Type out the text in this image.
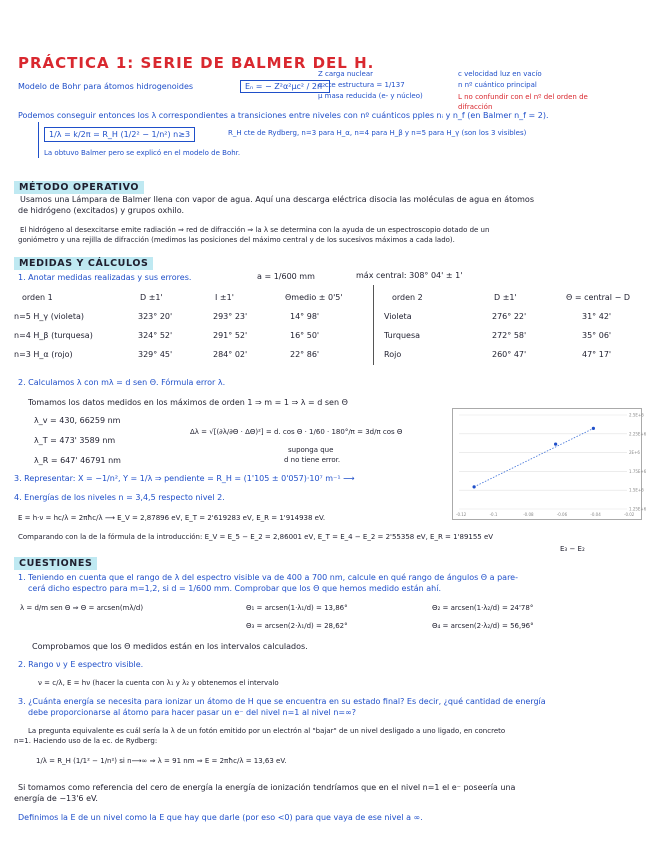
PRÁCTICA 1: SERIE DE BALMER DEL H.
Modelo de Bohr para átomos hidrogenoides	Eₙ = − Z²α²μc² / 2n²
Z carga nuclear
α cte estructura = 1/137
μ masa reducida (e- y núcleo)
c velocidad luz en vacío
n nº cuántico principal
L no confundir con el nº del orden de difracción
Podemos conseguir entonces los λ correspondientes a transiciones entre niveles con nº cuánticos pples nᵢ y n_f (en Balmer n_f = 2).
1/λ = k/2π = R_H (1/2² − 1/n²) n≥3	R_H cte de Rydberg, n=3 para H_α, n=4 para H_β y n=5 para H_γ (son los 3 visibles)
La obtuvo Balmer pero se explicó en el modelo de Bohr.
MÉTODO OPERATIVO
Usamos una Lámpara de Balmer llena con vapor de agua. Aquí una descarga eléctrica disocia las moléculas de agua en átomos
de hidrógeno (excitados) y grupos oxhilo.
El hidrógeno al desexcitarse emite radiación ⇒ red de difracción ⇒ la λ se determina con la ayuda de un espectroscopio dotado de un
goniómetro y una rejilla de difracción (medimos las posiciones del máximo central y de los sucesivos máximos a cada lado).
MEDIDAS Y CÁLCULOS
1. Anotar medidas realizadas y sus errores.	a = 1/600 mm	máx central: 308° 04' ± 1'
orden 1	D ±1'	I ±1'	Θmedio ± 0'5'
n=5 H_γ (violeta)	323° 20'	293° 23'	14° 98'
n=4 H_β (turquesa)	324° 52'	291° 52'	16° 50'
n=3 H_α (rojo)	329° 45'	284° 02'	22° 86'
orden 2	D ±1'	Θ = central − D
Violeta	276° 22'	31° 42'
Turquesa	272° 58'	35° 06'
Rojo	260° 47'	47° 17'
2. Calculamos λ con mλ = d sen Θ. Fórmula error λ.
Tomamos los datos medidos en los máximos de orden 1 ⇒ m = 1 ⇒ λ = d sen Θ
λ_v = 430, 66259 nm
λ_T = 473' 3589 nm
λ_R = 647' 46791 nm
Δλ = √[(∂λ/∂Θ · ΔΘ)²] = d. cos Θ · 1/60 · 180°/π = 3d/π cos Θ
suponga que
d no tiene error.
2.5E+6
2.25E+6
2E+6
1.75E+6
1.5E+6
1.25E+6
-0.12	-0.1	-0.08	-0.06	-0.04	-0.02
3. Representar: X = −1/n², Y = 1/λ ⇒ pendiente = R_H = (1'105 ± 0'057)·10⁷ m⁻¹ ⟶
4. Energías de los niveles n = 3,4,5 respecto nivel 2.
E = h·ν = hc/λ = 2πħc/λ ⟶ E_V = 2,87896 eV, E_T = 2'619283 eV, E_R = 1'914938 eV.
Comparando con la de la fórmula de la introducción: E_V = E_5 − E_2 = 2,86001 eV, E_T = E_4 − E_2 = 2'55358 eV, E_R = 1'89155 eV
E₃ − E₂
CUESTIONES
1. Teniendo en cuenta que el rango de λ del espectro visible va de 400 a 700 nm, calcule en qué rango de ángulos Θ a pare-
cerá dicho espectro para m=1,2, si d = 1/600 mm. Comprobar que los Θ que hemos medido están ahí.
λ = d/m sen Θ ⇒ Θ = arcsen(mλ/d)	Θ₁ = arcsen(1·λ₁/d) = 13,86°	Θ₂ = arcsen(1·λ₂/d) = 24'78°
Θ₃ = arcsen(2·λ₁/d) = 28,62°	Θ₄ = arcsen(2·λ₂/d) = 56,96°
Comprobamos que los Θ medidos están en los intervalos calculados.
2. Rango ν y E espectro visible.
ν = c/λ, E = hν (hacer la cuenta con λ₁ y λ₂ y obtenemos el intervalo
3. ¿Cuánta energía se necesita para ionizar un átomo de H que se encuentra en su estado final? Es decir, ¿qué cantidad de energía
debe proporcionarse al átomo para hacer pasar un e⁻ del nivel n=1 al nivel n=∞?
La pregunta equivalente es cuál sería la λ de un fotón emitido por un electrón al "bajar" de un nivel desligado a uno ligado, en concreto
n=1. Haciendo uso de la ec. de Rydberg:
1/λ = R_H (1/1² − 1/n²) si n⟶∞ ⇒ λ = 91 nm ⇒ E = 2πħc/λ = 13,63 eV.
Si tomamos como referencia del cero de energía la energía de ionización tendríamos que en el nivel n=1 el e⁻ poseería una
energía de −13'6 eV.
Definimos la E de un nivel como la E que hay que darle (por eso <0) para que vaya de ese nivel a ∞.
